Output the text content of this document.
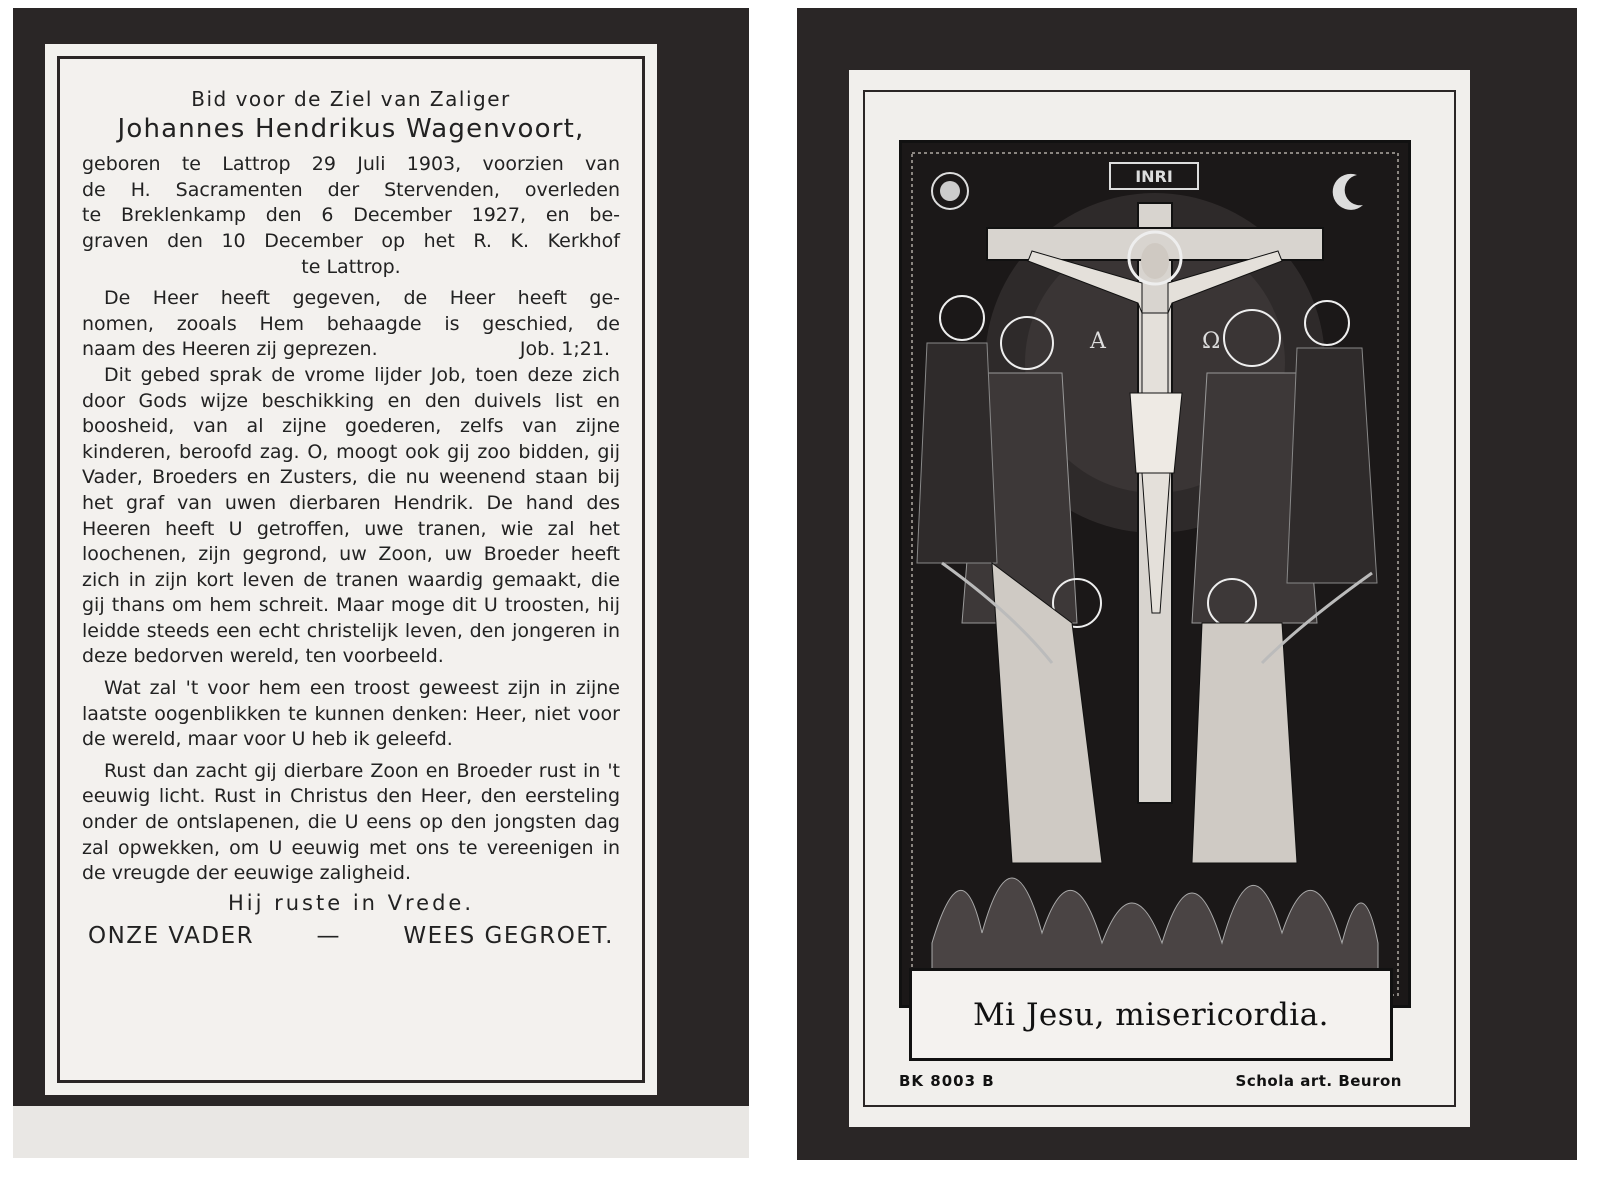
Bid voor de Ziel van Zaliger
Johannes Hendrikus Wagenvoort,
geboren te Lattrop 29 Juli 1903, voorzien van
de H. Sacramenten der Stervenden, overleden
te Breklenkamp den 6 December 1927, en be-
graven den 10 December op het R. K. Kerkhof
te Lattrop.
De Heer heeft gegeven, de Heer heeft ge-
nomen, zooals Hem behaagde is geschied, de
naam des Heeren zij geprezen.	Job. 1;21.
Dit gebed sprak de vrome lijder Job, toen deze zich door Gods wijze beschikking en den duivels list en boosheid, van al zijne goederen, zelfs van zijne kinderen, beroofd zag. O, moogt ook gij zoo bidden, gij Vader, Broeders en Zusters, die nu weenend staan bij het graf van uwen dierbaren Hendrik. De hand des Heeren heeft U getroffen, uwe tranen, wie zal het loochenen, zijn gegrond, uw Zoon, uw Broeder heeft zich in zijn kort leven de tranen waardig gemaakt, die gij thans om hem schreit. Maar moge dit U troosten, hij leidde steeds een echt christelijk leven, den jongeren in deze bedorven wereld, ten voorbeeld.
Wat zal 't voor hem een troost geweest zijn in zijne laatste oogenblikken te kunnen denken: Heer, niet voor de wereld, maar voor U heb ik geleefd.
Rust dan zacht gij dierbare Zoon en Broeder rust in 't eeuwig licht. Rust in Christus den Heer, den eersteling onder de ontslapenen, die U eens op den jongsten dag zal opwekken, om U eeuwig met ons te vereenigen in de vreugde der eeuwige zaligheid.
Hij ruste in Vrede.
ONZE VADER	—	WEES GEGROET.
INRI
A	Ω
Mi Jesu, misericordia.
BK 8003 B	Schola art. Beuron
